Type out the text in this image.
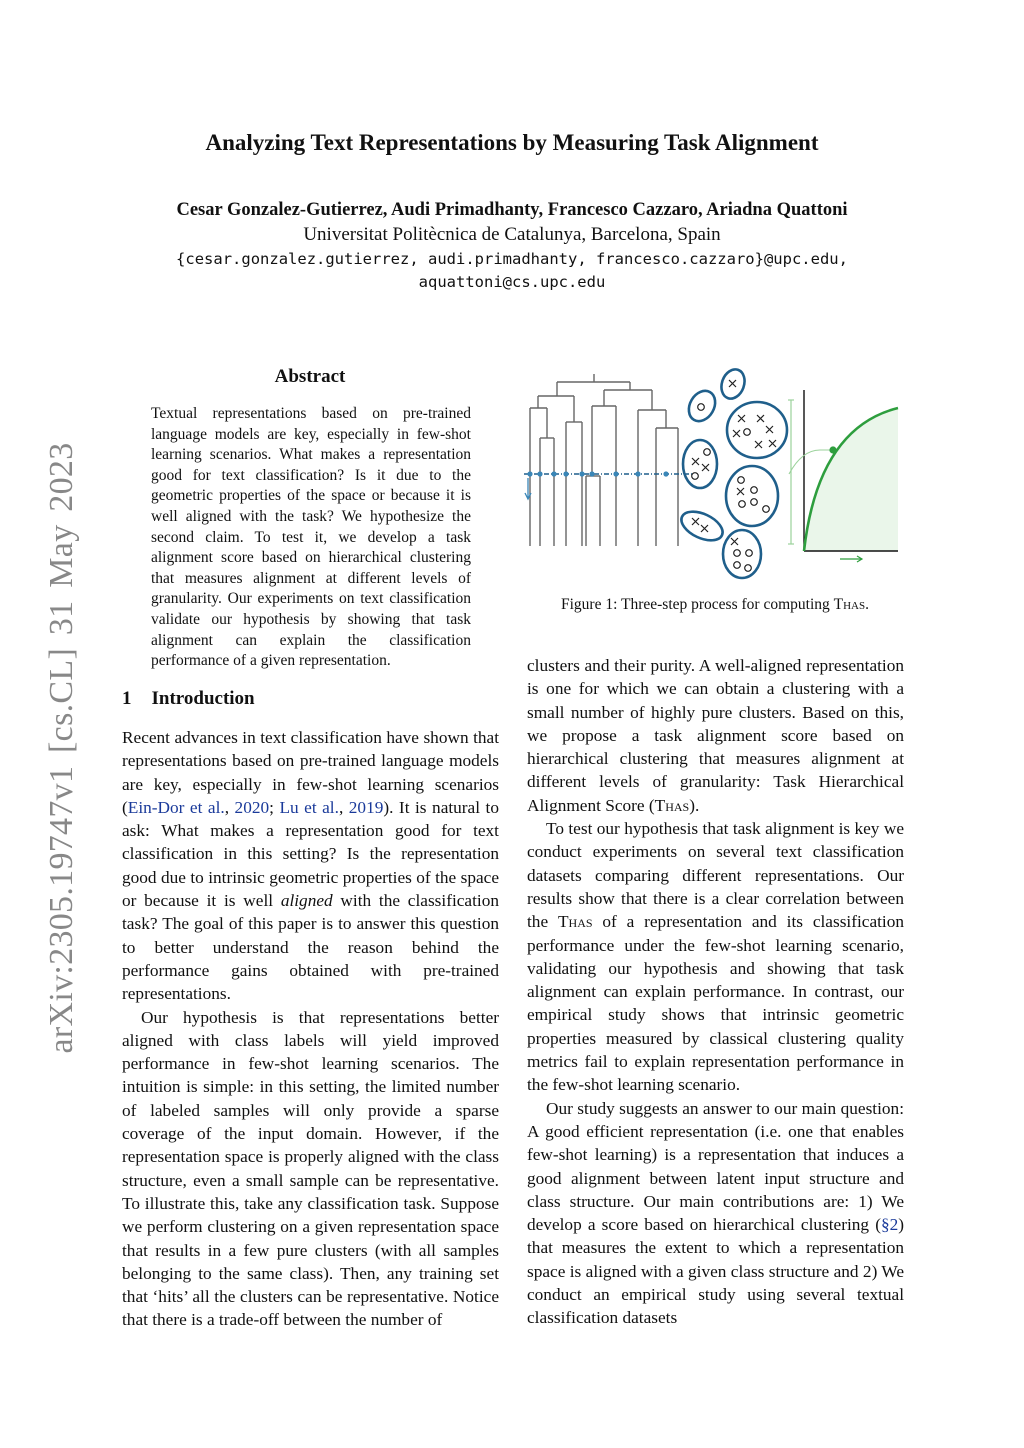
Analyzing Text Representations by Measuring Task Alignment
Cesar Gonzalez-Gutierrez, Audi Primadhanty, Francesco Cazzaro, Ariadna Quattoni
Universitat Politècnica de Catalunya, Barcelona, Spain
{cesar.gonzalez.gutierrez, audi.primadhanty, francesco.cazzaro}@upc.edu,
aquattoni@cs.upc.edu
arXiv:2305.19747v1 [cs.CL] 31 May 2023
Abstract
Textual representations based on pre-trained language models are key, especially in few-shot learning scenarios. What makes a representation good for text classification? Is it due to the geometric properties of the space or because it is well aligned with the task? We hypothesize the second claim. To test it, we develop a task alignment score based on hierarchical clustering that measures alignment at different levels of granularity. Our experiments on text classification validate our hypothesis by showing that task alignment can explain the classification performance of a given representation.
1 Introduction

Recent advances in text classification have shown that representations based on pre-trained language models are key, especially in few-shot learning scenarios (Ein-Dor et al., 2020; Lu et al., 2019). It is natural to ask: What makes a representation good for text classification in this setting? Is the representation good due to intrinsic geometric properties of the space or because it is well aligned with the classification task? The goal of this paper is to answer this question to better understand the reason behind the performance gains obtained with pre-trained representations.

Our hypothesis is that representations better aligned with class labels will yield improved performance in few-shot learning scenarios. The intuition is simple: in this setting, the limited number of labeled samples will only provide a sparse coverage of the input domain. However, if the representation space is properly aligned with the class structure, even a small sample can be representative. To illustrate this, take any classification task. Suppose we perform clustering on a given representation space that results in a few pure clusters (with all samples belonging to the same class). Then, any training set that ‘hits’ all the clusters can be representative. Notice that there is a trade-off between the number of

Figure 1: Three-step process for computing Thas.

clusters and their purity. A well-aligned representation is one for which we can obtain a clustering with a small number of highly pure clusters. Based on this, we propose a task alignment score based on hierarchical clustering that measures alignment at different levels of granularity: Task Hierarchical Alignment Score (Thas).

To test our hypothesis that task alignment is key we conduct experiments on several text classification datasets comparing different representations. Our results show that there is a clear correlation between the Thas of a representation and its classification performance under the few-shot learning scenario, validating our hypothesis and showing that task alignment can explain performance. In contrast, our empirical study shows that intrinsic geometric properties measured by classical clustering quality metrics fail to explain representation performance in the few-shot learning scenario.

Our study suggests an answer to our main question: A good efficient representation (i.e. one that enables few-shot learning) is a representation that induces a good alignment between latent input structure and class structure. Our main contributions are: 1) We develop a score based on hierarchical clustering (§2) that measures the extent to which a representation space is aligned with a given class structure and 2) We conduct an empirical study using several textual classification datasets
